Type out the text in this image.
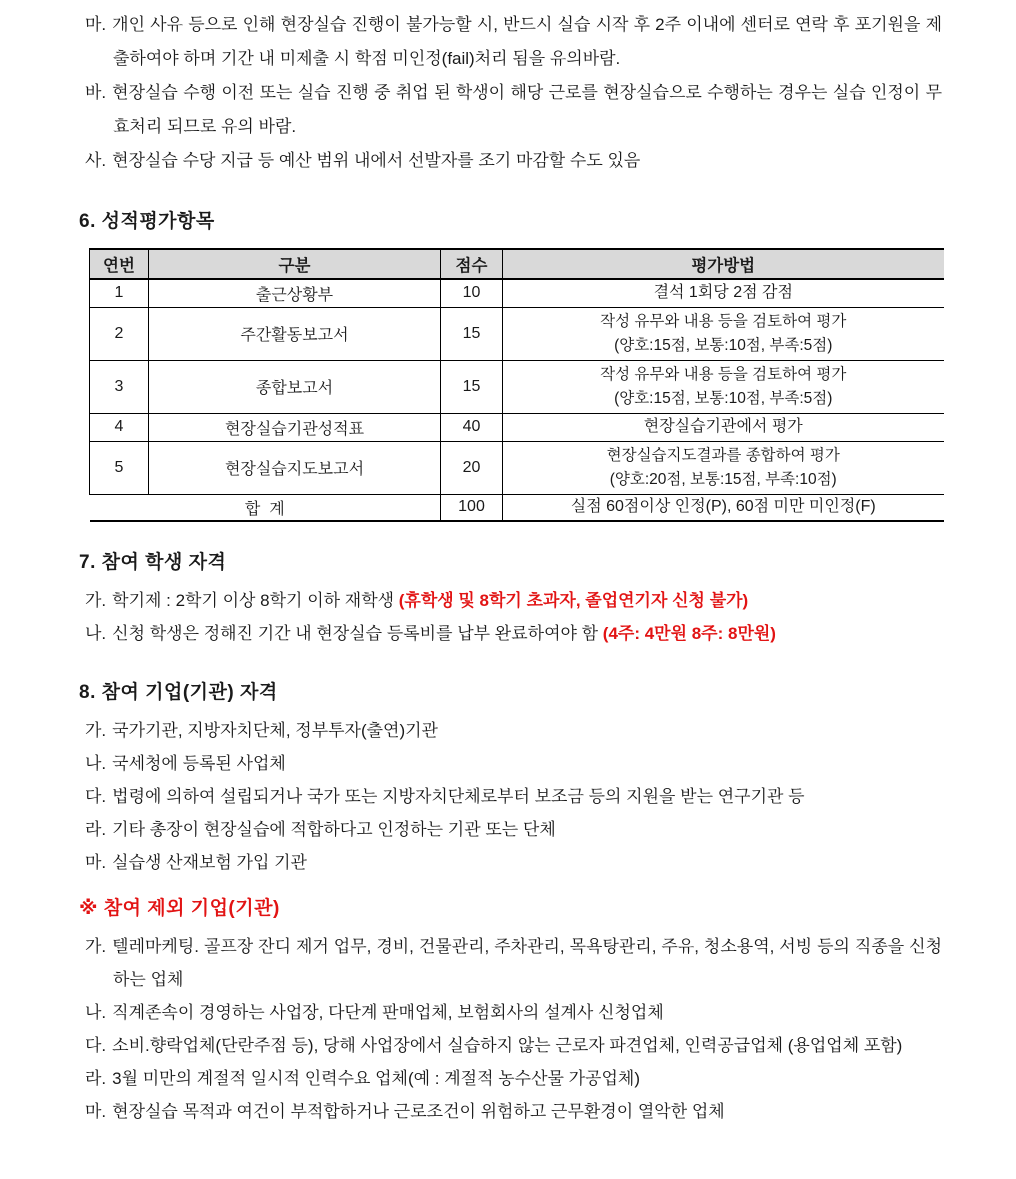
마. 개인 사유 등으로 인해 현장실습 진행이 불가능할 시, 반드시 실습 시작 후 2주 이내에 센터로 연락 후 포기원을 제출하여야 하며 기간 내 미제출 시 학점 미인정(fail)처리 됨을 유의바람.
바. 현장실습 수행 이전 또는 실습 진행 중 취업 된 학생이 해당 근로를 현장실습으로 수행하는 경우는 실습 인정이 무효처리 되므로 유의 바람.
사. 현장실습 수당 지급 등 예산 범위 내에서 선발자를 조기 마감할 수도 있음
6. 성적평가항목
연번	구분	점수	평가방법
1	출근상황부	10	결석 1회당 2점 감점

2	주간활동보고서	15	작성 유무와 내용 등을 검토하여 평가
(양호:15점, 보통:10점, 부족:5점)

3	종합보고서	15	작성 유무와 내용 등을 검토하여 평가
(양호:15점, 보통:10점, 부족:5점)

4	현장실습기관성적표	40	현장실습기관에서 평가

5	현장실습지도보고서	20	현장실습지도결과를 종합하여 평가
(양호:20점, 보통:15점, 부족:10점)

합  계		100	실점 60점이상 인정(P), 60점 미만 미인정(F)
7. 참여 학생 자격
가. 학기제 : 2학기 이상 8학기 이하 재학생 (휴학생 및 8학기 초과자, 졸업연기자 신청 불가)
나. 신청 학생은 정해진 기간 내 현장실습 등록비를 납부 완료하여야 함 (4주: 4만원 8주: 8만원)
8. 참여 기업(기관) 자격
가. 국가기관, 지방자치단체, 정부투자(출연)기관
나. 국세청에 등록된 사업체
다. 법령에 의하여 설립되거나 국가 또는 지방자치단체로부터 보조금 등의 지원을 받는 연구기관 등
라. 기타 총장이 현장실습에 적합하다고 인정하는 기관 또는 단체
마. 실습생 산재보험 가입 기관
※ 참여 제외 기업(기관)
가. 텔레마케팅. 골프장 잔디 제거 업무, 경비, 건물관리, 주차관리, 목욕탕관리, 주유, 청소용역, 서빙 등의 직종을 신청하는 업체
나. 직계존속이 경영하는 사업장, 다단계 판매업체, 보험회사의 설계사 신청업체
다. 소비.향락업체(단란주점 등), 당해 사업장에서 실습하지 않는 근로자 파견업체, 인력공급업체 (용업업체 포함)
라. 3월 미만의 계절적 일시적 인력수요 업체(예 : 계절적 농수산물 가공업체)
마. 현장실습 목적과 여건이 부적합하거나 근로조건이 위험하고 근무환경이 열악한 업체
